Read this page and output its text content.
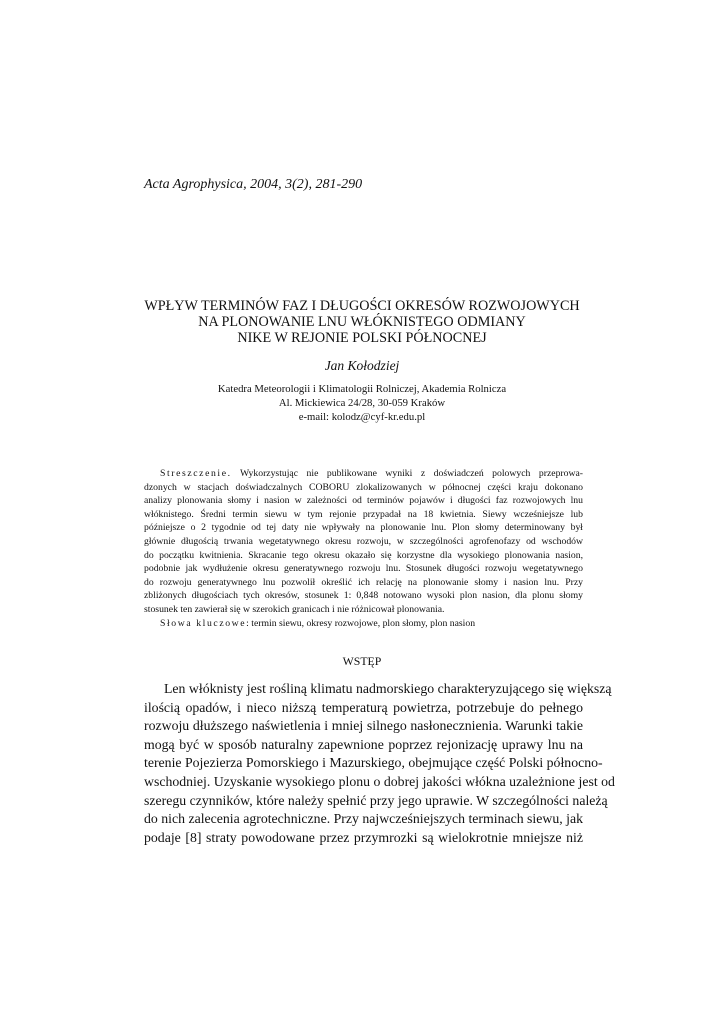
Acta Agrophysica, 2004, 3(2), 281-290
WPŁYW TERMINÓW FAZ I DŁUGOŚCI OKRESÓW ROZWOJOWYCH
NA PLONOWANIE LNU WŁÓKNISTEGO ODMIANY
NIKE W REJONIE POLSKI PÓŁNOCNEJ
Jan Kołodziej
Katedra Meteorologii i Klimatologii Rolniczej, Akademia Rolnicza
Al. Mickiewica 24/28, 30-059 Kraków
e-mail: kolodz@cyf-kr.edu.pl
Streszczenie. Wykorzystując nie publikowane wyniki z doświadczeń polowych przeprowa-
dzonych w stacjach doświadczalnych COBORU zlokalizowanych w północnej części kraju dokonano
analizy plonowania słomy i nasion w zależności od terminów pojawów i długości faz rozwojowych lnu
włóknistego. Średni termin siewu w tym rejonie przypadał na 18 kwietnia. Siewy wcześniejsze lub
późniejsze o 2 tygodnie od tej daty nie wpływały na plonowanie lnu. Plon słomy determinowany był
głównie długością trwania wegetatywnego okresu rozwoju, w szczególności agrofenofazy od wschodów
do początku kwitnienia. Skracanie tego okresu okazało się korzystne dla wysokiego plonowania nasion,
podobnie jak wydłużenie okresu generatywnego rozwoju lnu. Stosunek długości rozwoju wegetatywnego
do rozwoju generatywnego lnu pozwolił określić ich relację na plonowanie słomy i nasion lnu. Przy
zbliżonych długościach tych okresów, stosunek 1: 0,848 notowano wysoki plon nasion, dla plonu słomy
stosunek ten zawierał się w szerokich granicach i nie różnicował plonowania.
Słowa kluczowe: termin siewu, okresy rozwojowe, plon słomy, plon nasion
WSTĘP
Len włóknisty jest rośliną klimatu nadmorskiego charakteryzującego się większą
ilością opadów, i nieco niższą temperaturą powietrza, potrzebuje do pełnego
rozwoju dłuższego naświetlenia i mniej silnego nasłonecznienia. Warunki takie
mogą być w sposób naturalny zapewnione poprzez rejonizację uprawy lnu na
terenie Pojezierza Pomorskiego i Mazurskiego, obejmujące część Polski północno-
wschodniej. Uzyskanie wysokiego plonu o dobrej jakości włókna uzależnione jest od
szeregu czynników, które należy spełnić przy jego uprawie. W szczególności należą
do nich zalecenia agrotechniczne. Przy najwcześniejszych terminach siewu, jak
podaje [8] straty powodowane przez przymrozki są wielokrotnie mniejsze niż
